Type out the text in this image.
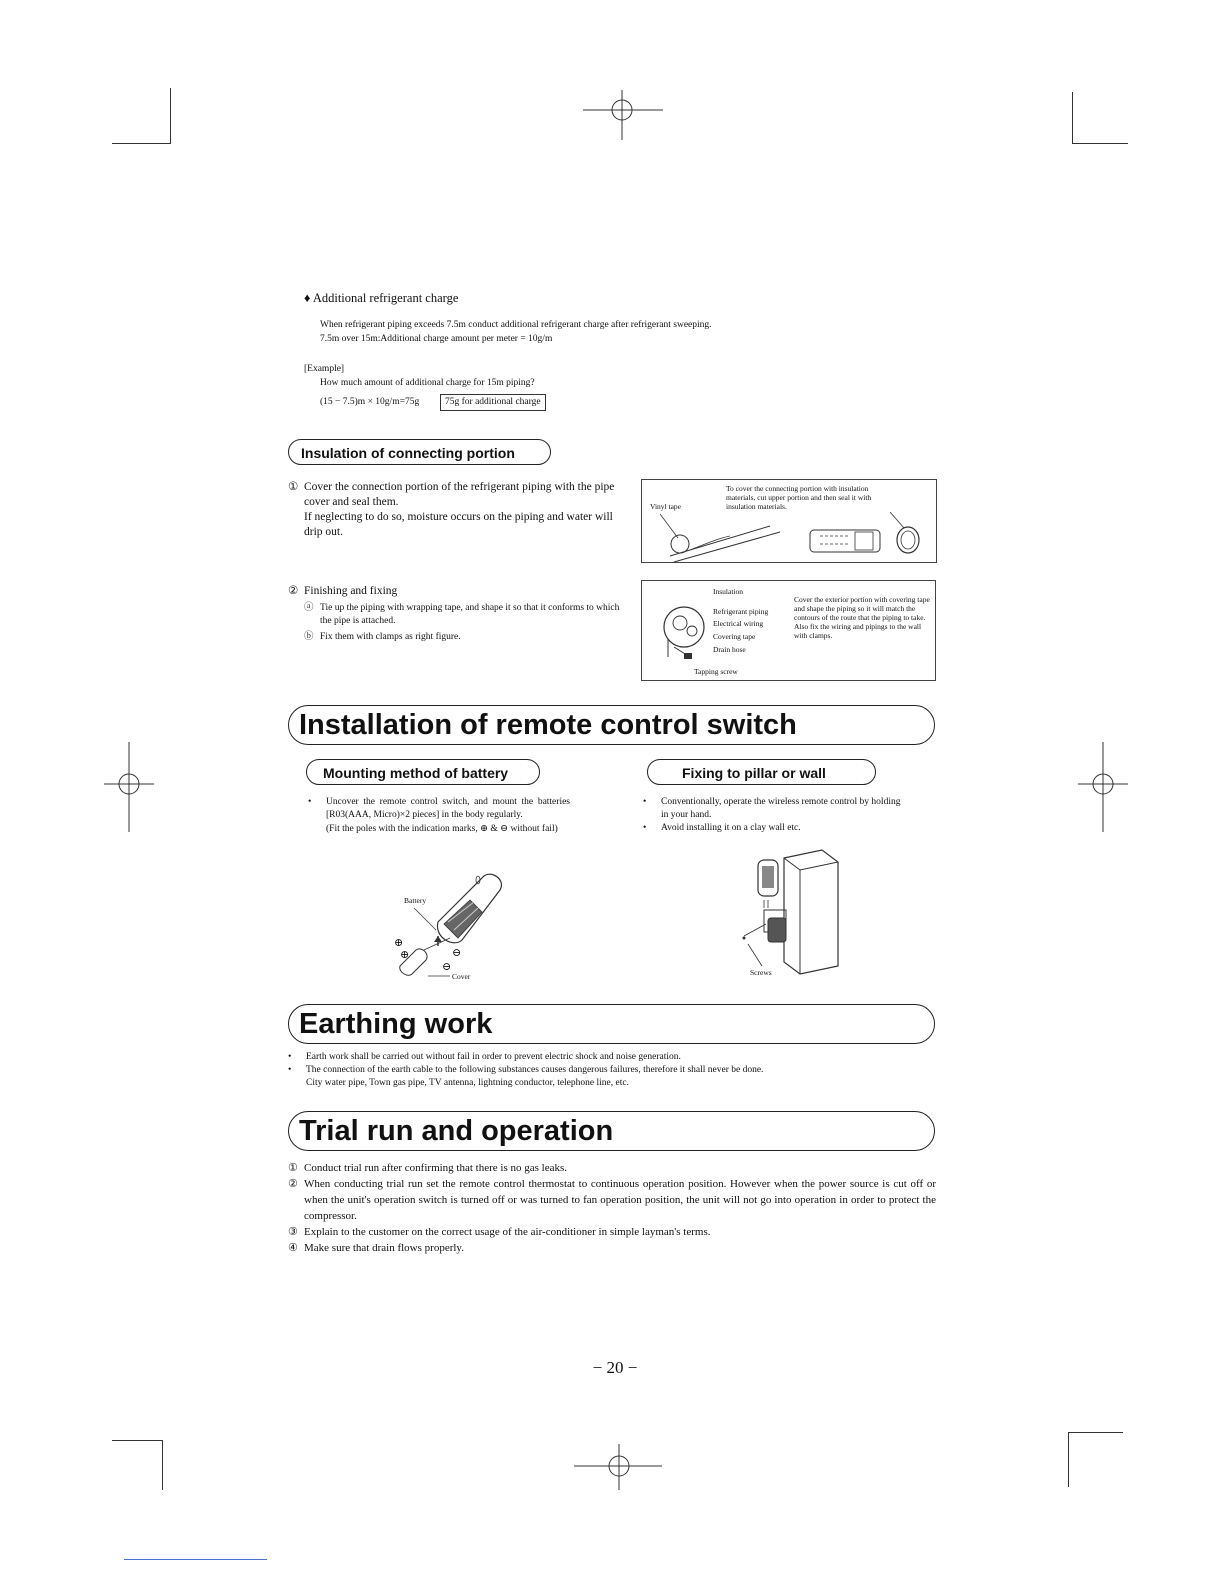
♦ Additional refrigerant charge
When refrigerant piping exceeds 7.5m conduct additional refrigerant charge after refrigerant sweeping.
7.5m over 15m:Additional charge amount per meter = 10g/m
[Example]
How much amount of additional charge for 15m piping?
(15 − 7.5)m × 10g/m=75g	75g for additional charge
Insulation of connecting portion
① Cover the connection portion of the refrigerant piping with the pipe cover and seal them.
If neglecting to do so, moisture occurs on the piping and water will drip out.
② Finishing and fixing
ⓐ Tie up the piping with wrapping tape, and shape it so that it conforms to which the pipe is attached.
ⓑ Fix them with clamps as right figure.
Vinyl tape
To cover the connecting portion with insulation materials, cut upper portion and then seal it with insulation materials.
Insulation
Refrigerant piping
Electrical wiring
Covering tape
Drain hose
Tapping screw
Cover the exterior portion with covering tape and shape the piping so it will match the contours of the route that the piping to take. Also fix the wiring and pipings to the wall with clamps.
Installation of remote control switch
Mounting method of battery	Fixing to pillar or wall
• Uncover the remote control switch, and mount the batteries [R03(AAA, Micro)×2 pieces] in the body regularly.
(Fit the poles with the indication marks, ⊕ & ⊖ without fail)
• Conventionally, operate the wireless remote control by holding in your hand.
• Avoid installing it on a clay wall etc.
Battery
Cover
⊕
⊖
⊕
⊖	Screws
Earthing work
• Earth work shall be carried out without fail in order to prevent electric shock and noise generation.
• The connection of the earth cable to the following substances causes dangerous failures, therefore it shall never be done.
City water pipe, Town gas pipe, TV antenna, lightning conductor, telephone line, etc.
Trial run and operation
① Conduct trial run after confirming that there is no gas leaks.
② When conducting trial run set the remote control thermostat to continuous operation position. However when the power source is cut off or when the unit's operation switch is turned off or was turned to fan operation position, the unit will not go into operation in order to protect the compressor.
③ Explain to the customer on the correct usage of the air-conditioner in simple layman's terms.
④ Make sure that drain flows properly.
− 20 −
